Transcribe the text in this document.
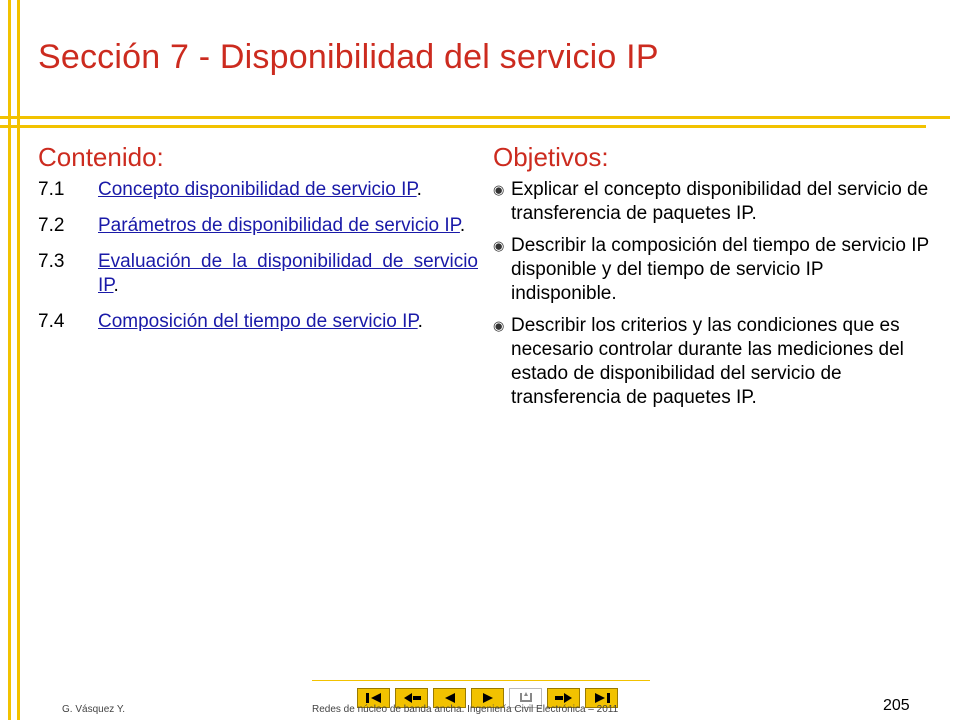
Sección 7 - Disponibilidad del servicio IP
Contenido:
7.1	Concepto disponibilidad de servicio IP.
7.2	Parámetros de disponibilidad de servicio IP.
7.3	Evaluación de la disponibilidad de servicio IP.
7.4	Composición del tiempo de servicio IP.
Objetivos:
◉ Explicar el concepto disponibilidad del servicio de transferencia de paquetes IP.
◉ Describir la composición del tiempo de servicio IP disponible y del tiempo de servicio IP indisponible.
◉ Describir los criterios y las condiciones que es necesario controlar durante las mediciones del estado de disponibilidad del servicio de transferencia de paquetes IP.
G. Vásquez Y.	Redes de núcleo de banda ancha. Ingeniería Civil Electrónica – 2011	205
